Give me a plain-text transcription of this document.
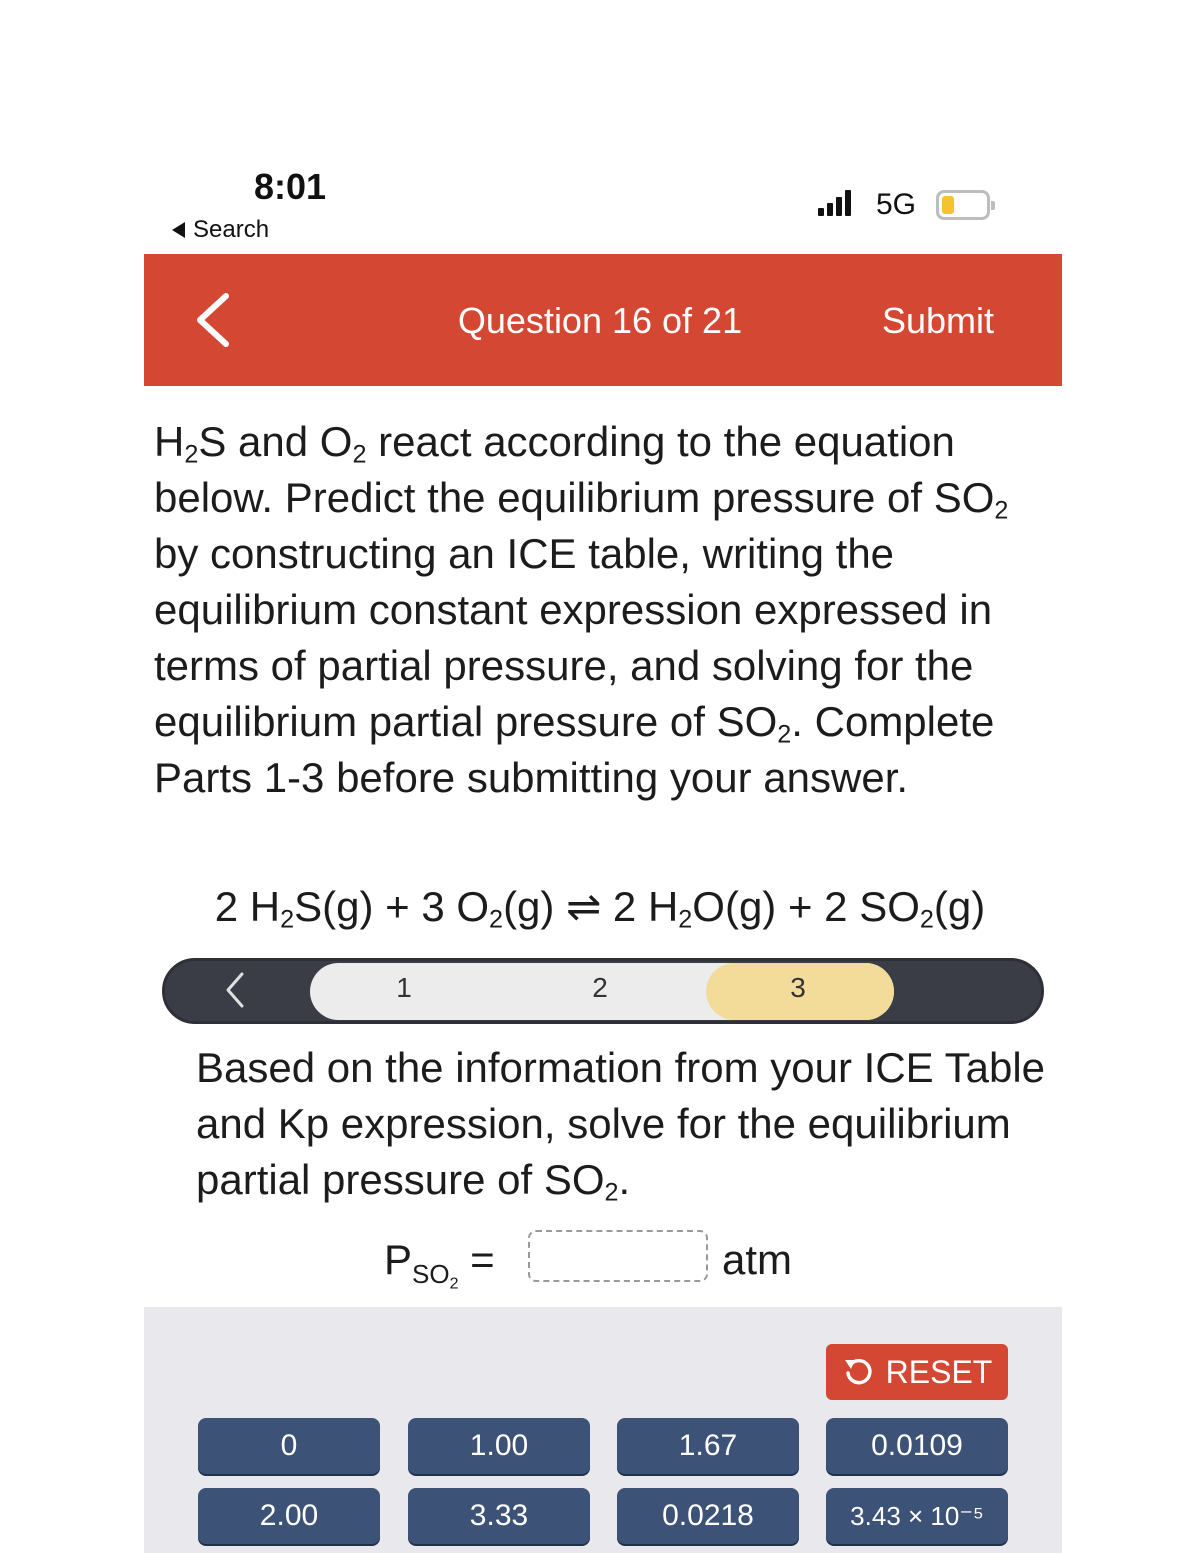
8:01
Search
5G
Question 16 of 21	Submit
$H_2S$ and $O_2$ react according to the equation below. Predict the equilibrium pressure of $SO_2$ by constructing an ICE table, writing the equilibrium constant expression expressed in terms of partial pressure, and solving for the equilibrium partial pressure of $SO_2$. Complete Parts 1-3 before submitting your answer.
2 $H_2S(g) + 3$ $O_2(g)$ ⇌ 2 $H_2O(g) + 2$ $SO_2(g)$
1	2	3
Based on the information from your ICE Table and Kp expression, solve for the equilibrium partial pressure of $SO_2$.
$P_{SO_2}$ =	atm
RESET
0	1.00	1.67	0.0109
2.00	3.33	0.0218	3.43 × 10⁻⁵
